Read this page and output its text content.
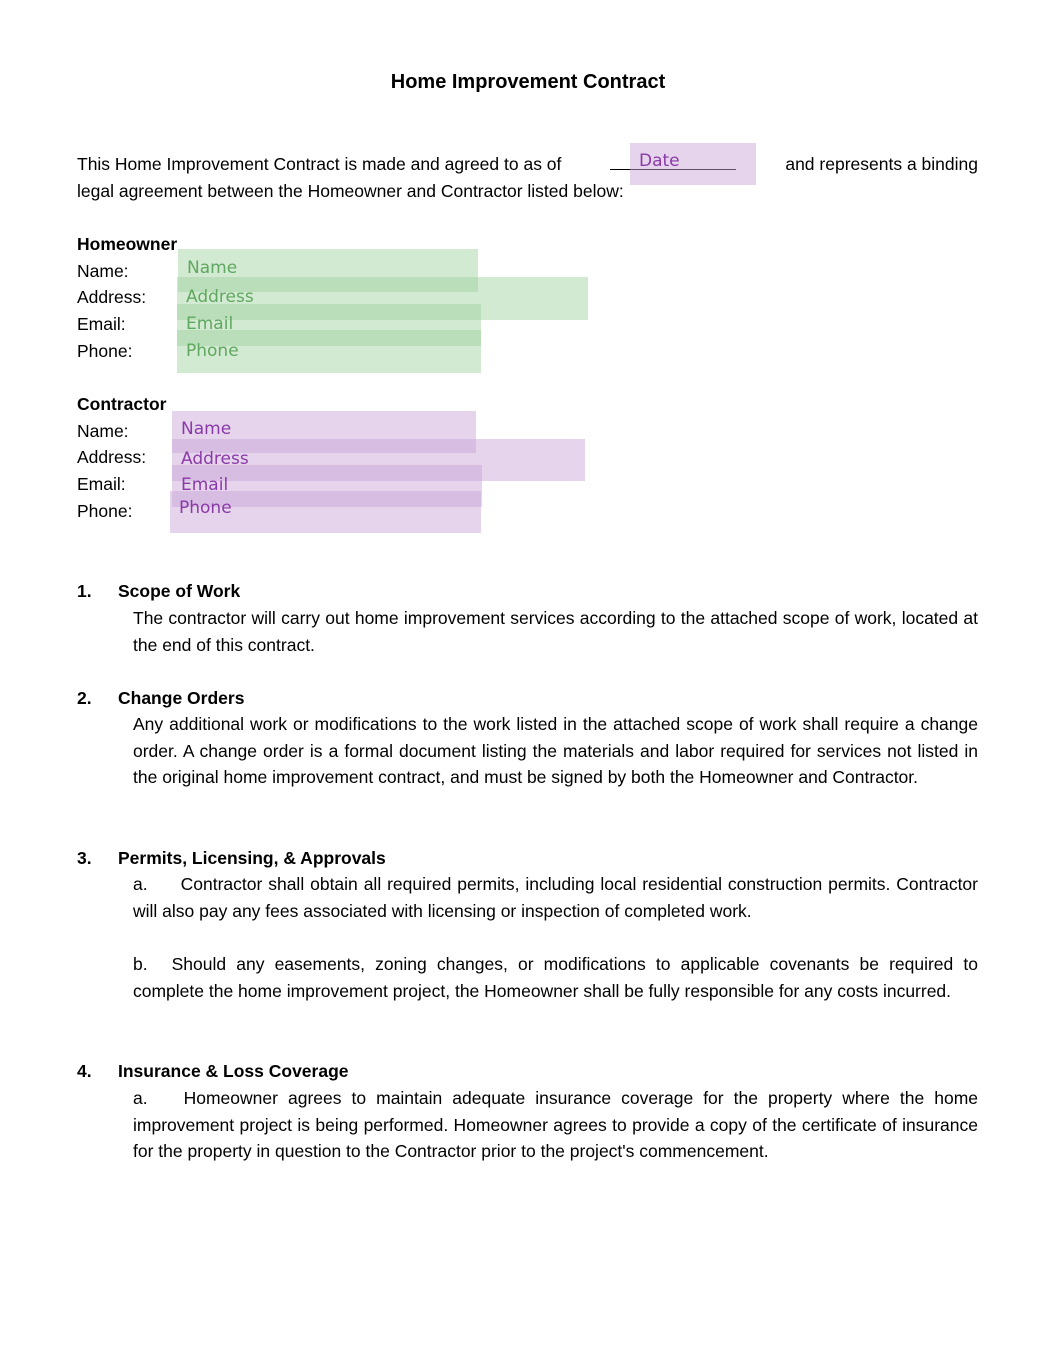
Home Improvement Contract
This Home Improvement Contract is made and agreed to as of	and represents a binding
legal agreement between the Homeowner and Contractor listed below:
Date
Homeowner
Name:
Address:
Email:
Phone:
Name
Address
Email
Phone
Contractor
Name:
Address:
Email:
Phone:
Name
Address
Email
Phone
1. Scope of Work
The contractor will carry out home improvement services according to the attached scope of work, located at the end of this contract.
2. Change Orders
Any additional work or modifications to the work listed in the attached scope of work shall require a change order. A change order is a formal document listing the materials and labor required for services not listed in the original home improvement contract, and must be signed by both the Homeowner and Contractor.
3. Permits, Licensing, & Approvals
a. Contractor shall obtain all required permits, including local residential construction permits. Contractor will also pay any fees associated with licensing or inspection of completed work.
b. Should any easements, zoning changes, or modifications to applicable covenants be required to complete the home improvement project, the Homeowner shall be fully responsible for any costs incurred.
4. Insurance & Loss Coverage
a. Homeowner agrees to maintain adequate insurance coverage for the property where the home improvement project is being performed. Homeowner agrees to provide a copy of the certificate of insurance for the property in question to the Contractor prior to the project's commencement.
